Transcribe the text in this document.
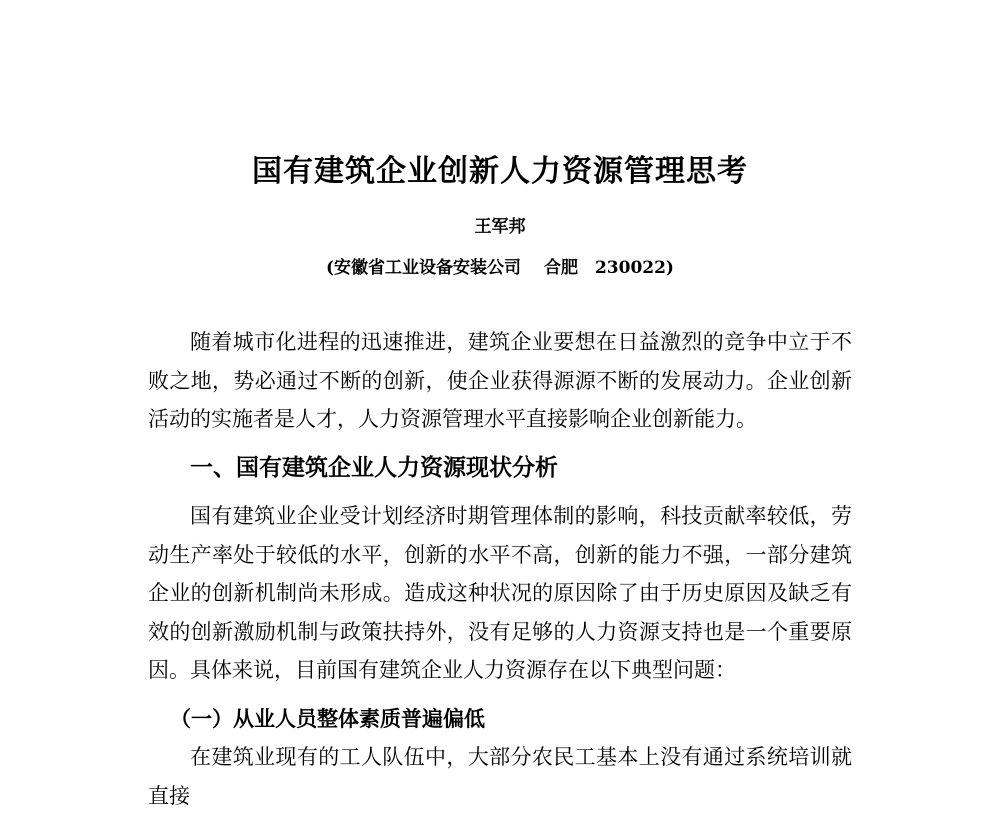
国有建筑企业创新人力资源管理思考
王军邦
(安徽省工业设备安装公司　 合肥　230022)

随着城市化进程的迅速推进，建筑企业要想在日益激烈的竞争中立于不败之地，势必通过不断的创新，使企业获得源源不断的发展动力。企业创新活动的实施者是人才，人力资源管理水平直接影响企业创新能力。

一、国有建筑企业人力资源现状分析

国有建筑业企业受计划经济时期管理体制的影响，科技贡献率较低，劳动生产率处于较低的水平，创新的水平不高，创新的能力不强，一部分建筑企业的创新机制尚未形成。造成这种状况的原因除了由于历史原因及缺乏有效的创新激励机制与政策扶持外，没有足够的人力资源支持也是一个重要原因。具体来说，目前国有建筑企业人力资源存在以下典型问题：

（一）从业人员整体素质普遍偏低

在建筑业现有的工人队伍中，大部分农民工基本上没有通过系统培训就直接
